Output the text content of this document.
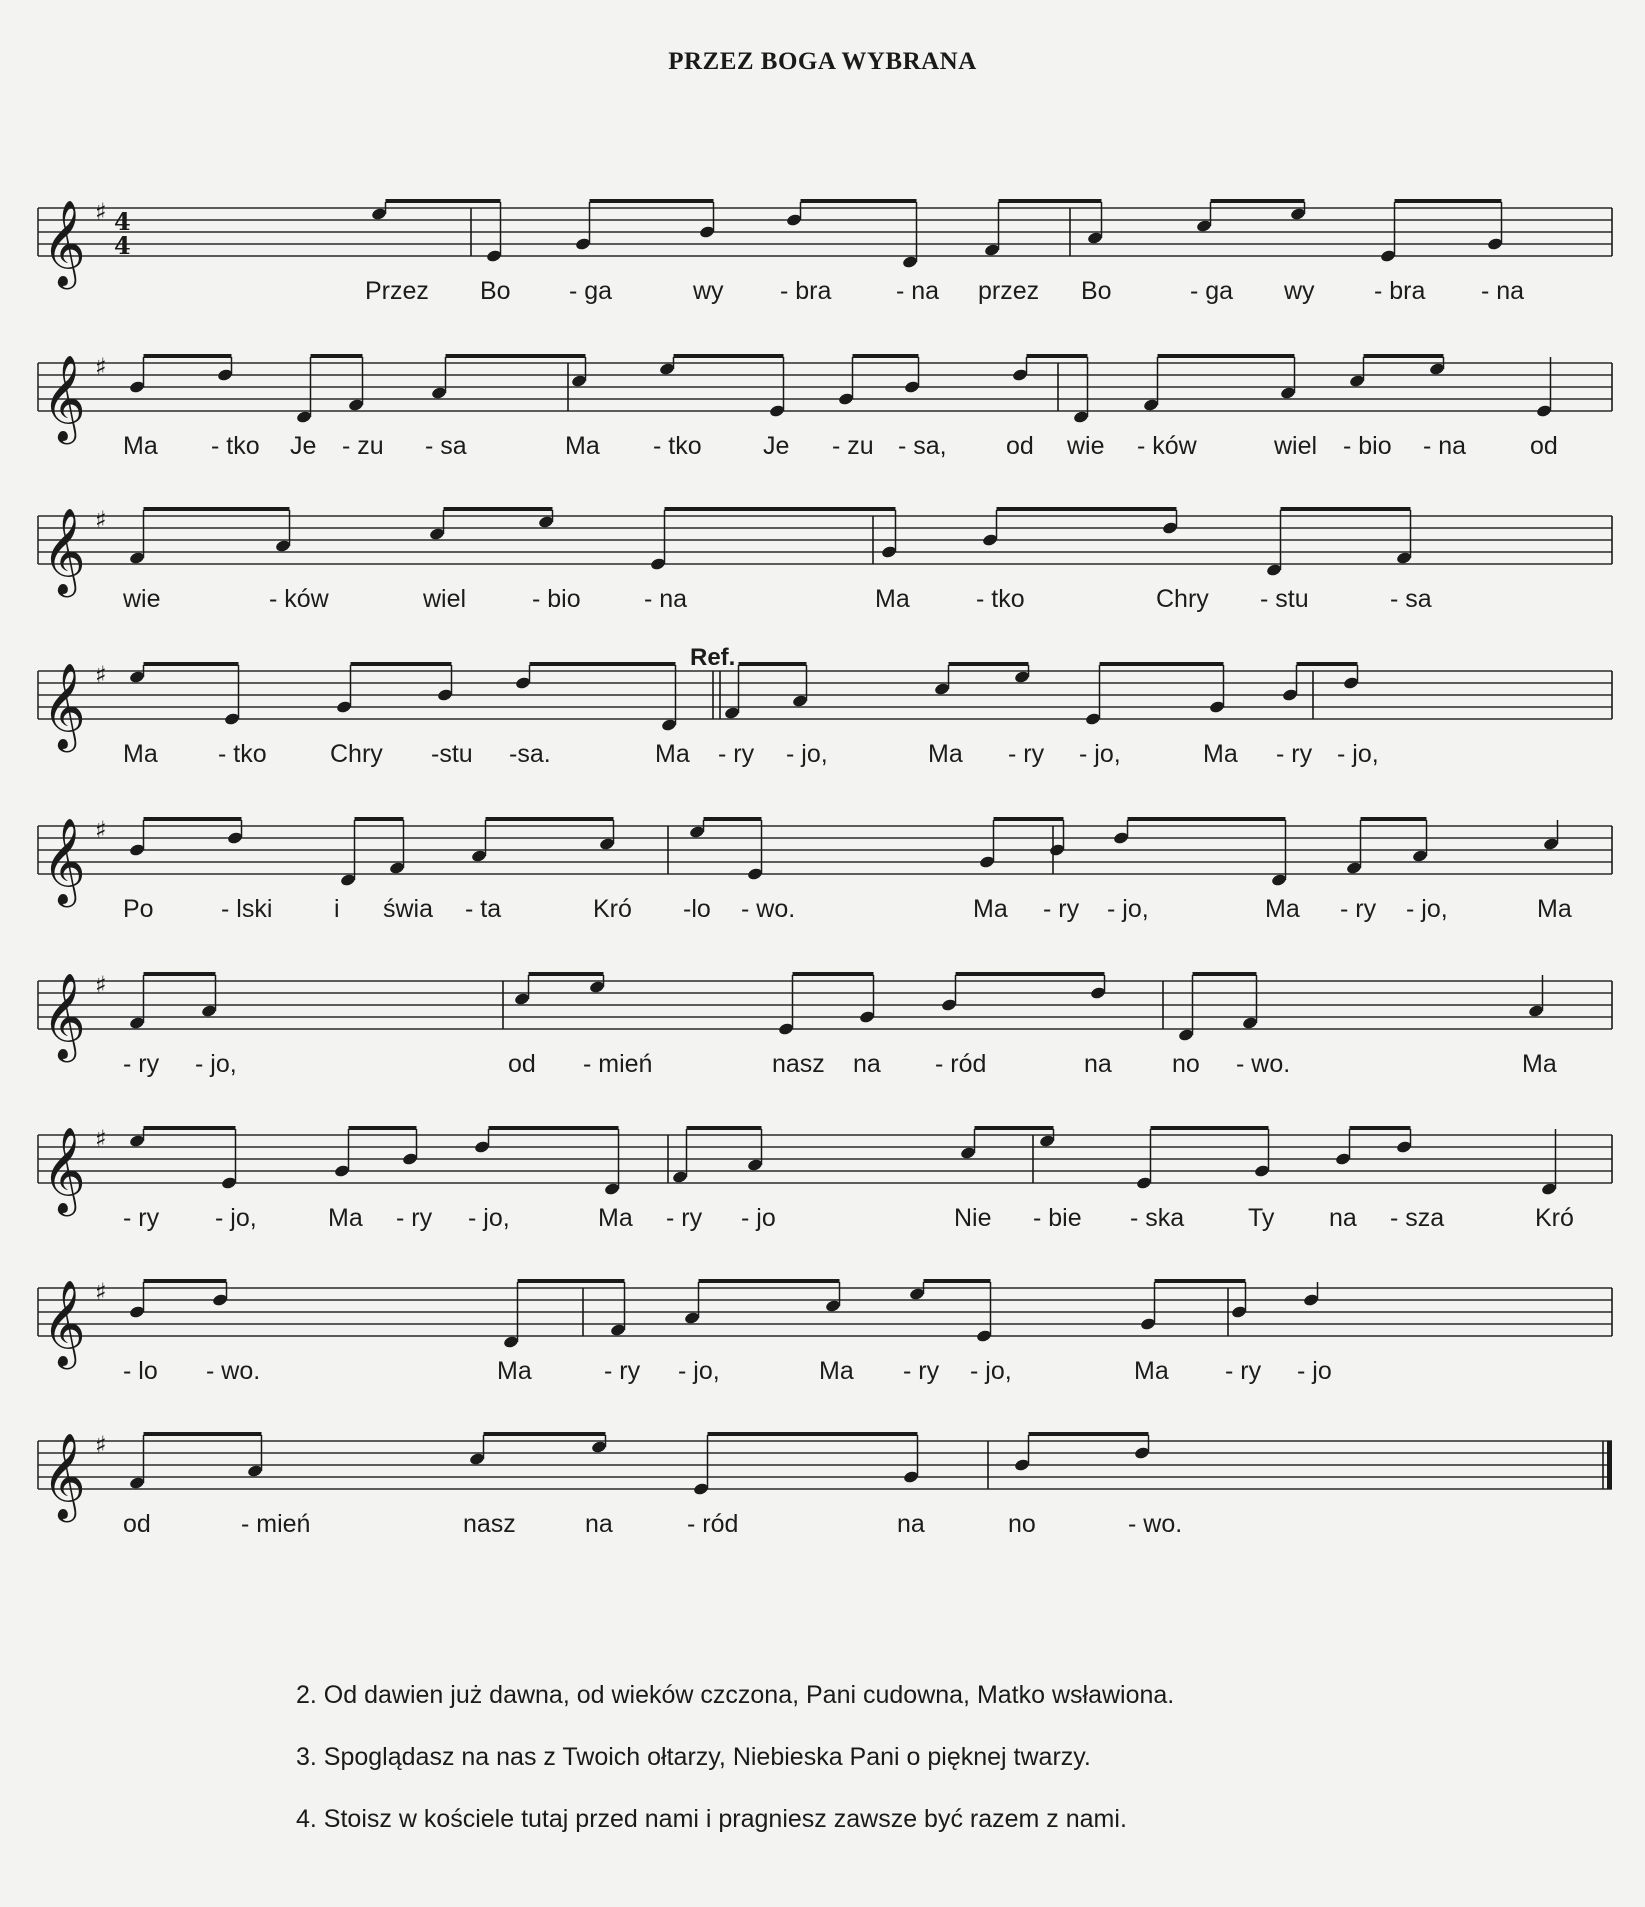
PRZEZ BOGA WYBRANA
𝄞 ♯ 4
4
Przez Bo - ga	wy - bra	- na przez Bo	- ga wy - bra - na
𝄞 ♯
Ma - tko Je - zu - sa	Ma - tko Je - zu - sa, od wie - ków	wiel - bio - na	od
𝄞 ♯
wie	- ków	wiel	- bio	- na	Ma	- tko	Chry - stu	- sa
𝄞 ♯
Ma - tko	Chry -stu -sa.	Ma - ry - jo,	Ma - ry - jo,	Ma - ry - jo,
𝄞 ♯
Po	- lski i świa - ta	Kró -lo - wo.	Ma - ry - jo,	Ma - ry - jo,	Ma
𝄞 ♯
- ry - jo,	od - mień	nasz na - ród	na no - wo.	Ma
𝄞 ♯
- ry - jo,	Ma - ry - jo,	Ma - ry - jo	Nie - bie - ska	Ty na - sza	Kró
𝄞 ♯
- lo - wo.	Ma	- ry - jo,	Ma - ry - jo,	Ma - ry - jo
𝄞 ♯
od	- mień	nasz	na	- ród	na	no	- wo.
Ref.
2. Od dawien już dawna, od wieków czczona, Pani cudowna, Matko wsławiona.
3. Spoglądasz na nas z Twoich ołtarzy, Niebieska Pani o pięknej twarzy.
4. Stoisz w kościele tutaj przed nami i pragniesz zawsze być razem z nami.
